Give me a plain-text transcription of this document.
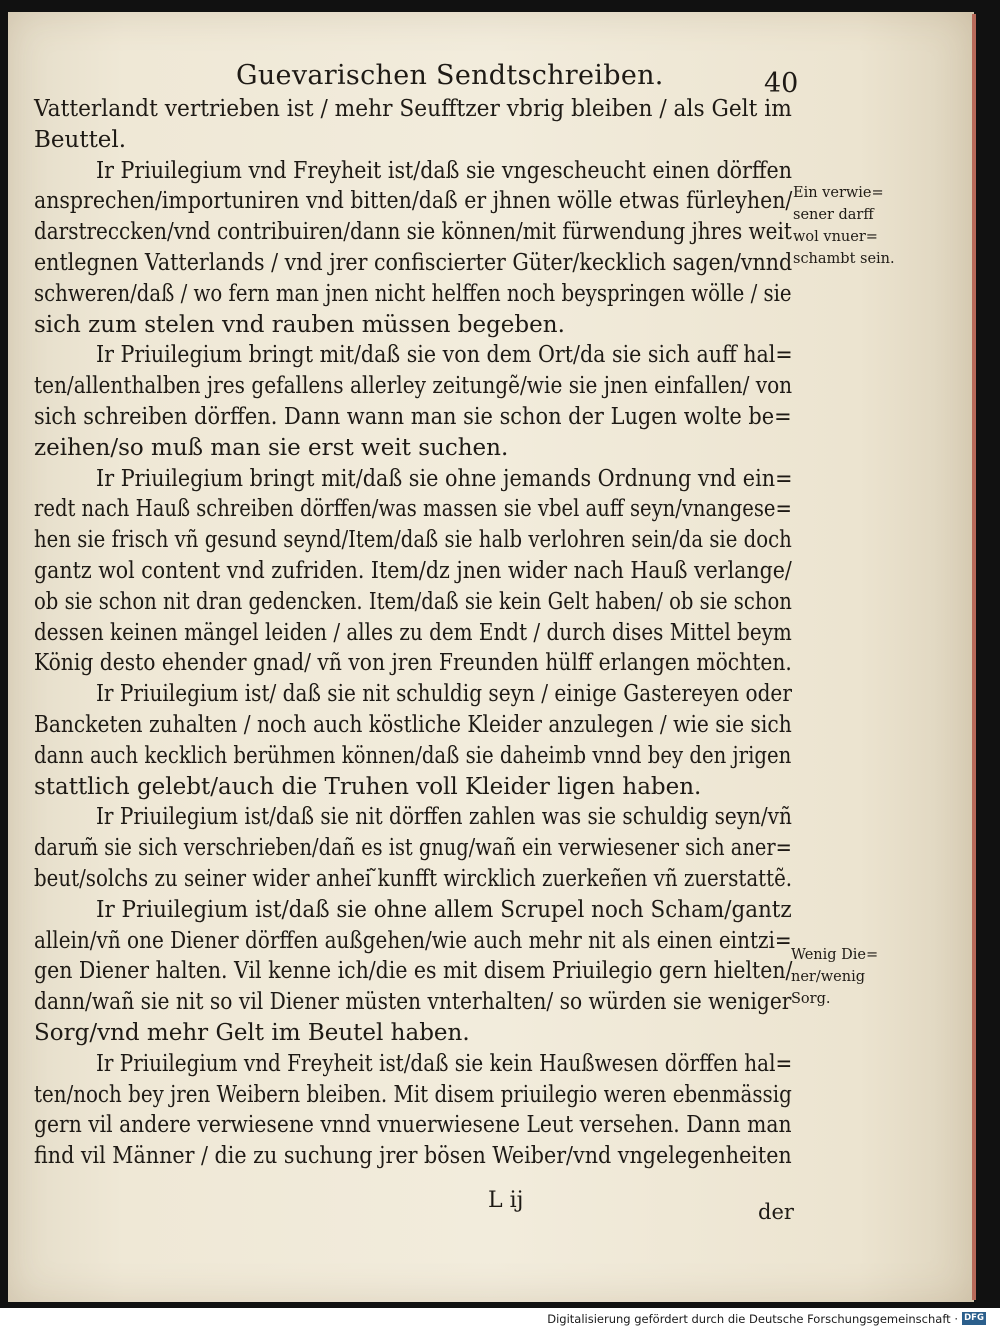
Guevarischen Sendtschreiben.	40
Vatterlandt vertrieben ist / mehr Seufftzer vbrig bleiben / als Gelt im
Beuttel.
Ir Priuilegium vnd Freyheit ist/daß sie vngescheucht einen dörffen
ansprechen/importuniren vnd bitten/daß er jhnen wölle etwas fürleyhen/
darstreccken/vnd contribuiren/dann sie können/mit fürwendung jhres weit
entlegnen Vatterlands / vnd jrer confiscierter Güter/kecklich sagen/vnnd
schweren/daß / wo fern man jnen nicht helffen noch beyspringen wölle / sie
sich zum stelen vnd rauben müssen begeben.
Ir Priuilegium bringt mit/daß sie von dem Ort/da sie sich auff hal=
ten/allenthalben jres gefallens allerley zeitungẽ/wie sie jnen einfallen/ von
sich schreiben dörffen. Dann wann man sie schon der Lugen wolte be=
zeihen/so muß man sie erst weit suchen.
Ir Priuilegium bringt mit/daß sie ohne jemands Ordnung vnd ein=
redt nach Hauß schreiben dörffen/was massen sie vbel auff seyn/vnangese=
hen sie frisch vñ gesund seynd/Item/daß sie halb verlohren sein/da sie doch
gantz wol content vnd zufriden. Item/dz jnen wider nach Hauß verlange/
ob sie schon nit dran gedencken. Item/daß sie kein Gelt haben/ ob sie schon
dessen keinen mängel leiden / alles zu dem Endt / durch dises Mittel beym
König desto ehender gnad/ vñ von jren Freunden hülff erlangen möchten.
Ir Priuilegium ist/ daß sie nit schuldig seyn / einige Gastereyen oder
Bancketen zuhalten / noch auch köstliche Kleider anzulegen / wie sie sich
dann auch kecklich berühmen können/daß sie daheimb vnnd bey den jrigen
stattlich gelebt/auch die Truhen voll Kleider ligen haben.
Ir Priuilegium ist/daß sie nit dörffen zahlen was sie schuldig seyn/vñ
darum̃ sie sich verschrieben/dañ es ist gnug/wañ ein verwiesener sich aner=
beut/solchs zu seiner wider anhei ̃kunfft wircklich zuerkeñen vñ zuerstattẽ.
Ir Priuilegium ist/daß sie ohne allem Scrupel noch Scham/gantz
allein/vñ one Diener dörffen außgehen/wie auch mehr nit als einen eintzi=
gen Diener halten. Vil kenne ich/die es mit disem Priuilegio gern hielten/
dann/wañ sie nit so vil Diener müsten vnterhalten/ so würden sie weniger
Sorg/vnd mehr Gelt im Beutel haben.
Ir Priuilegium vnd Freyheit ist/daß sie kein Haußwesen dörffen hal=
ten/noch bey jren Weibern bleiben. Mit disem priuilegio weren ebenmässig
gern vil andere verwiesene vnnd vnuerwiesene Leut versehen. Dann man
find vil Männer / die zu suchung jrer bösen Weiber/vnd vngelegenheiten
Ein verwie=
sener darff
wol vnuer=
schambt sein.
Wenig Die=
ner/wenig
Sorg.
L ij	der
Digitalisierung gefördert durch die Deutsche Forschungsgemeinschaft · DFG
